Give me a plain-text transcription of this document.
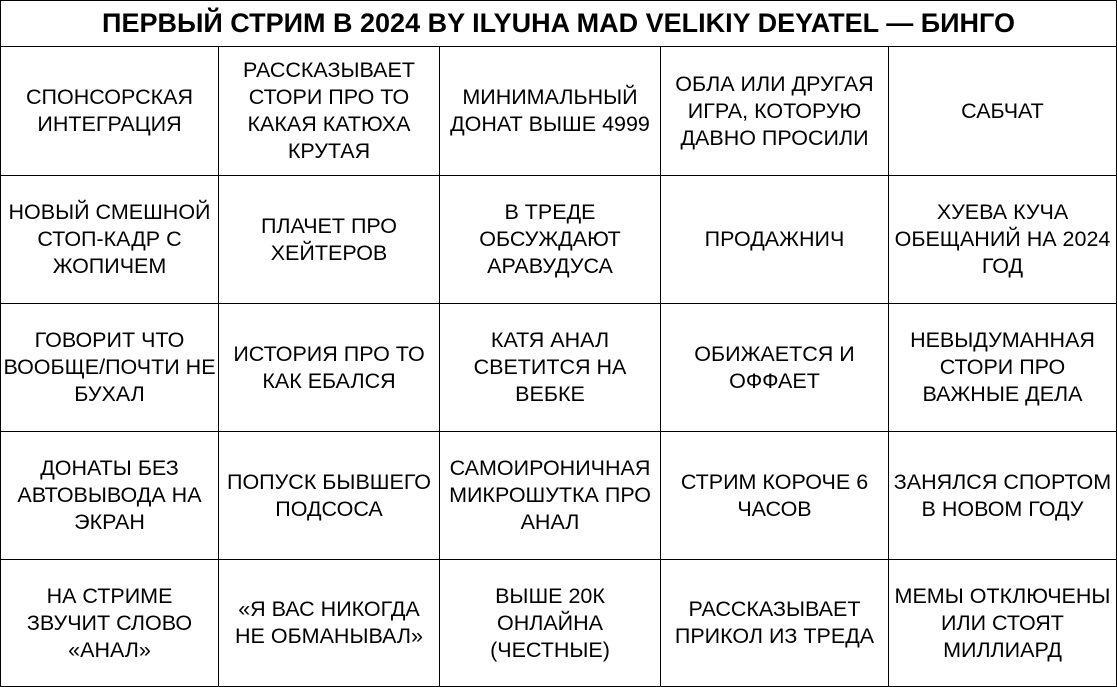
ПЕРВЫЙ СТРИМ В 2024 BY ILYUHA MAD VELIKIY DEYATEL — БИНГО
СПОНСОРСКАЯ ИНТЕГРАЦИЯ
РАССКАЗЫВАЕТ СТОРИ ПРО ТО КАКАЯ КАТЮХА КРУТАЯ
МИНИМАЛЬНЫЙ ДОНАТ ВЫШЕ 4999
ОБЛА ИЛИ ДРУГАЯ ИГРА, КОТОРУЮ ДАВНО ПРОСИЛИ
САБЧАТ
НОВЫЙ СМЕШНОЙ СТОП-КАДР С ЖОПИЧЕМ
ПЛАЧЕТ ПРО ХЕЙТЕРОВ
В ТРЕДЕ ОБСУЖДАЮТ АРАВУДУСА
ПРОДАЖНИЧ
ХУЕВА КУЧА ОБЕЩАНИЙ НА 2024 ГОД
ГОВОРИТ ЧТО ВООБЩЕ/ПОЧТИ НЕ БУХАЛ
ИСТОРИЯ ПРО ТО КАК ЕБАЛСЯ
КАТЯ АНАЛ СВЕТИТСЯ НА ВЕБКЕ
ОБИЖАЕТСЯ И ОФФАЕТ
НЕВЫДУМАННАЯ СТОРИ ПРО ВАЖНЫЕ ДЕЛА
ДОНАТЫ БЕЗ АВТОВЫВОДА НА ЭКРАН
ПОПУСК БЫВШЕГО ПОДСОСА
САМОИРОНИЧНАЯ МИКРОШУТКА ПРО АНАЛ
СТРИМ КОРОЧЕ 6 ЧАСОВ
ЗАНЯЛСЯ СПОРТОМ В НОВОМ ГОДУ
НА СТРИМЕ ЗВУЧИТ СЛОВО «АНАЛ»
«Я ВАС НИКОГДА НЕ ОБМАНЫВАЛ»
ВЫШЕ 20К ОНЛАЙНА (ЧЕСТНЫЕ)
РАССКАЗЫВАЕТ ПРИКОЛ ИЗ ТРЕДА
МЕМЫ ОТКЛЮЧЕНЫ ИЛИ СТОЯТ МИЛЛИАРД
